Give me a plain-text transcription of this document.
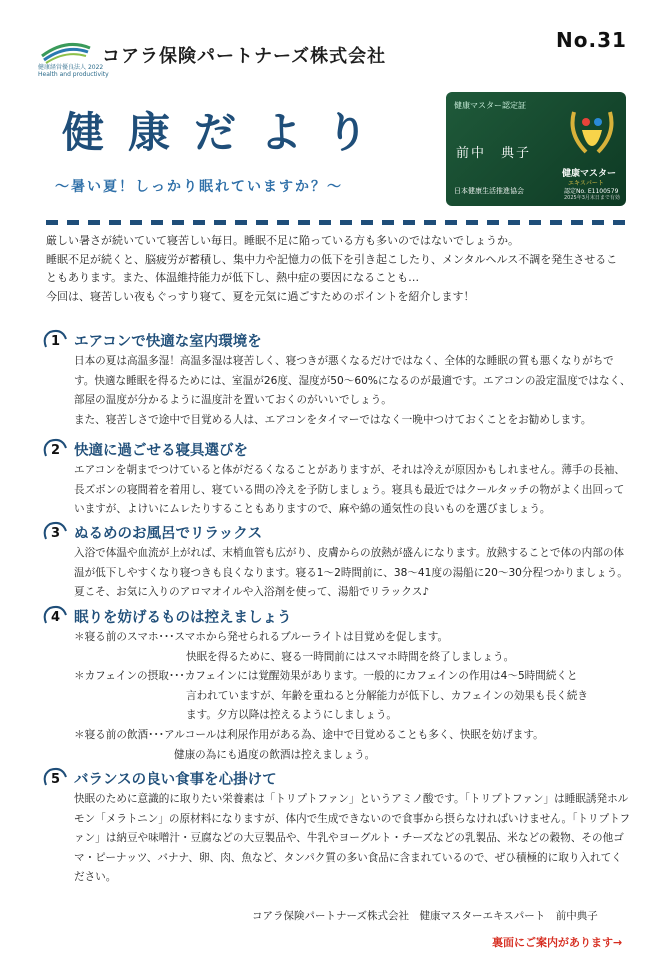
健康経営優良法人 2022
Health and productivity
コアラ保険パートナーズ株式会社
No.31
健康だより
〜暑い夏！しっかり眠れていますか？〜
健康マスター認定証
前中　典子
日本健康生活推進協会
健康マスター
エキスパート
認定No. E1100579
2025年3月末日まで有効
厳しい暑さが続いていて寝苦しい毎日。睡眠不足に陥っている方も多いのではないでしょうか。
睡眠不足が続くと、脳疲労が蓄積し、集中力や記憶力の低下を引き起こしたり、メンタルヘルス不調を発生させることもあります。また、体温維持能力が低下し、熱中症の要因になることも…
今回は、寝苦しい夜もぐっすり寝て、夏を元気に過ごすためのポイントを紹介します！
1 エアコンで快適な室内環境を
日本の夏は高温多湿！高温多湿は寝苦しく、寝つきが悪くなるだけではなく、全体的な睡眠の質も悪くなりがちです。快適な睡眠を得るためには、室温が26度、湿度が50〜60%になるのが最適です。エアコンの設定温度ではなく、部屋の温度が分かるように温度計を置いておくのがいいでしょう。
また、寝苦しさで途中で目覚める人は、エアコンをタイマーではなく一晩中つけておくことをお勧めします。
2 快適に過ごせる寝具選びを
エアコンを朝までつけていると体がだるくなることがありますが、それは冷えが原因かもしれません。薄手の長袖、長ズボンの寝間着を着用し、寝ている間の冷えを予防しましょう。寝具も最近ではクールタッチの物がよく出回っていますが、よけいにムレたりすることもありますので、麻や綿の通気性の良いものを選びましょう。
3 ぬるめのお風呂でリラックス
入浴で体温や血流が上がれば、末梢血管も広がり、皮膚からの放熱が盛んになります。放熱することで体の内部の体温が低下しやすくなり寝つきも良くなります。寝る1〜2時間前に、38〜41度の湯船に20〜30分程つかりましょう。夏こそ、お気に入りのアロマオイルや入浴剤を使って、湯船でリラックス♪
4 眠りを妨げるものは控えましょう
＊寝る前のスマホ･･･スマホから発せられるブルーライトは目覚めを促します。
快眠を得るために、寝る一時間前にはスマホ時間を終了しましょう。
＊カフェインの摂取･･･カフェインには覚醒効果があります。一般的にカフェインの作用は4〜5時間続くと
言われていますが、年齢を重ねると分解能力が低下し、カフェインの効果も長く続き
ます。夕方以降は控えるようにしましょう。
＊寝る前の飲酒･･･アルコールは利尿作用がある為、途中で目覚めることも多く、快眠を妨げます。
健康の為にも過度の飲酒は控えましょう。
5 バランスの良い食事を心掛けて
快眠のために意識的に取りたい栄養素は「トリプトファン」というアミノ酸です。「トリプトファン」は睡眠誘発ホルモン「メラトニン」の原材料になりますが、体内で生成できないので食事から摂らなければいけません。「トリプトファン」は納豆や味噌汁・豆腐などの大豆製品や、牛乳やヨーグルト・チーズなどの乳製品、米などの穀物、その他ゴマ・ピーナッツ、バナナ、卵、肉、魚など、タンパク質の多い食品に含まれているので、ぜひ積極的に取り入れてください。
コアラ保険パートナーズ株式会社　健康マスターエキスパート　前中典子
裏面にご案内があります→
